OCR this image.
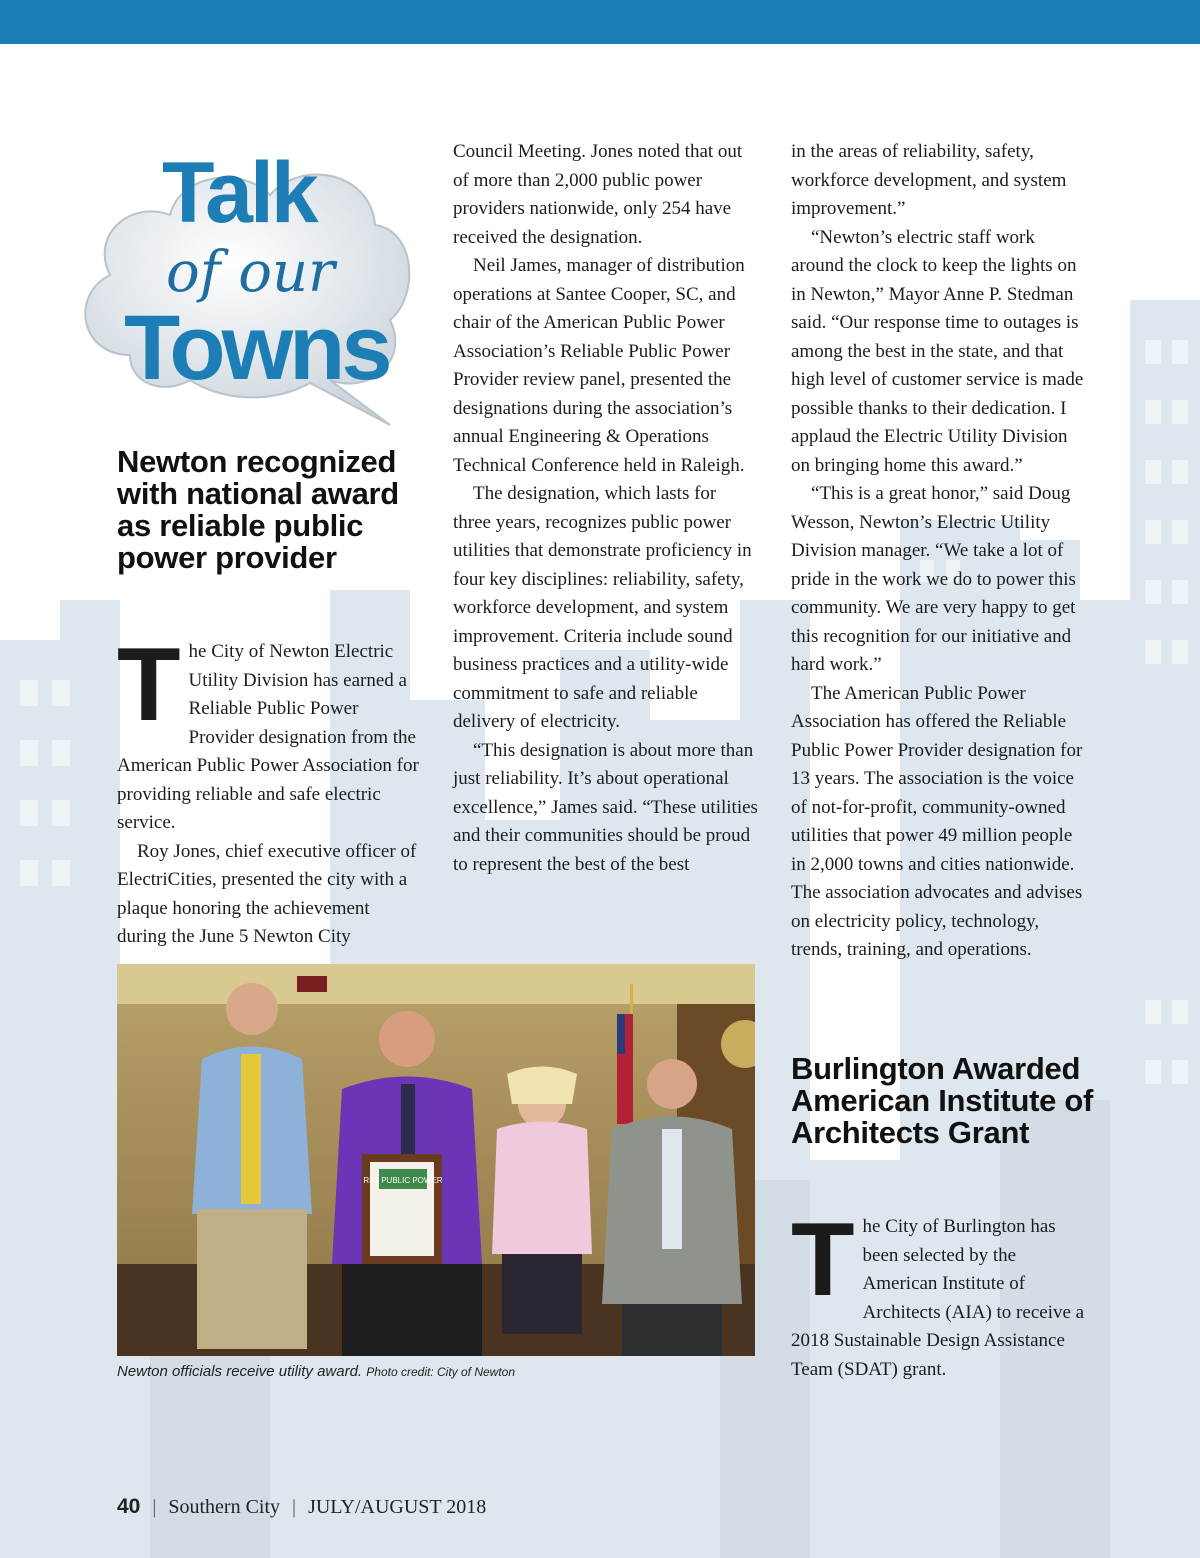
Talk
of our
Towns
Newton recognized with national award as reliable public power provider

The City of Newton Electric Utility Division has earned a Reliable Public Power Provider designation from the American Public Power Association for providing reliable and safe electric service.

Roy Jones, chief executive officer of ElectriCities, presented the city with a plaque honoring the achievement during the June 5 Newton City

Council Meeting. Jones noted that out of more than 2,000 public power providers nationwide, only 254 have received the designation.

Neil James, manager of distribution operations at Santee Cooper, SC, and chair of the American Public Power Association’s Reliable Public Power Provider review panel, presented the designations during the association’s annual Engineering & Operations Technical Conference held in Raleigh.

The designation, which lasts for three years, recognizes public power utilities that demonstrate proficiency in four key disciplines: reliability, safety, workforce development, and system improvement. Criteria include sound business practices and a utility-wide commitment to safe and reliable delivery of electricity.

“This designation is about more than just reliability. It’s about operational excellence,” James said. “These utilities and their communities should be proud to represent the best of the best

in the areas of reliability, safety, workforce development, and system improvement.”

“Newton’s electric staff work around the clock to keep the lights on in Newton,” Mayor Anne P. Stedman said. “Our response time to outages is among the best in the state, and that high level of customer service is made possible thanks to their dedication. I applaud the Electric Utility Division on bringing home this award.”

“This is a great honor,” said Doug Wesson, Newton’s Electric Utility Division manager. “We take a lot of pride in the work we do to power this community. We are very happy to get this recognition for our initiative and hard work.”

The American Public Power Association has offered the Reliable Public Power Provider designation for 13 years. The association is the voice of not-for-profit, community-owned utilities that power 49 million people in 2,000 towns and cities nationwide. The association advocates and advises on electricity policy, technology, trends, training, and operations.

RP3 PUBLIC POWER
Newton officials receive utility award. Photo credit: City of Newton
Burlington Awarded American Institute of Architects Grant

The City of Burlington has been selected by the American Institute of Architects (AIA) to receive a 2018 Sustainable Design Assistance Team (SDAT) grant.

40 | Southern City | JULY/AUGUST 2018
